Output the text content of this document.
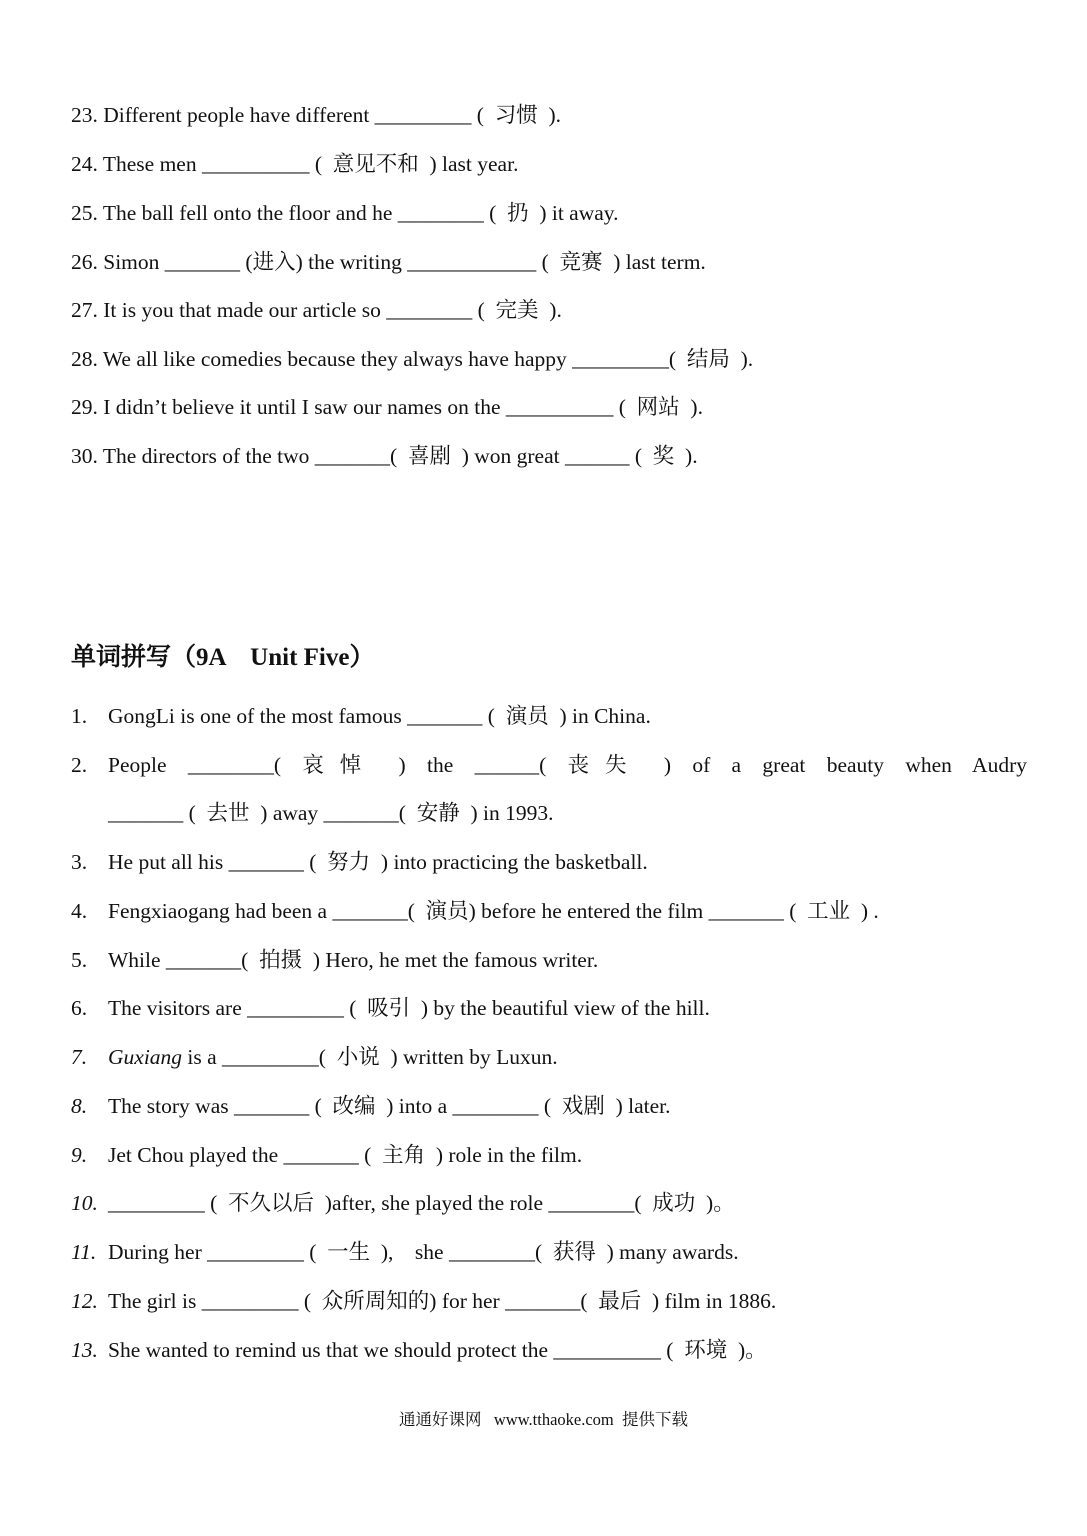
23. Different people have different _________ (  习惯  ).
24. These men __________ (  意见不和  ) last year.
25. The ball fell onto the floor and he ________ (  扔  ) it away.
26. Simon _______ (进入) the writing ____________ (  竞赛  ) last term.
27. It is you that made our article so ________ (  完美  ).
28. We all like comedies because they always have happy _________(  结局  ).
29. I didn’t believe it until I saw our names on the __________ (  网站  ).
30. The directors of the two _______(  喜剧  ) won great ______ (  奖  ).
单词拼写（9A    Unit Five）
1. GongLi is one of the most famous _______ (  演员  ) in China.
2. People ________( 哀悼 ) the ______( 丧失 ) of a great beauty when Audry
_______ (  去世  ) away _______(  安静  ) in 1993.
3. He put all his _______ (  努力  ) into practicing the basketball.
4. Fengxiaogang had been a _______(  演员) before he entered the film _______ (  工业  ) .
5. While _______(  拍摄  ) Hero, he met the famous writer.
6. The visitors are _________ (  吸引  ) by the beautiful view of the hill.
7. Guxiang is a _________(  小说  ) written by Luxun.
8. The story was _______ (  改编  ) into a ________ (  戏剧  ) later.
9. Jet Chou played the _______ (  主角  ) role in the film.
10. _________ (  不久以后  )after, she played the role ________(  成功  )。
11. During her _________ (  一生  ),    she ________(  获得  ) many awards.
12. The girl is _________ (  众所周知的) for her _______(  最后  ) film in 1886.
13. She wanted to remind us that we should protect the __________ (  环境  )。
通通好课网   www.tthaoke.com  提供下载
